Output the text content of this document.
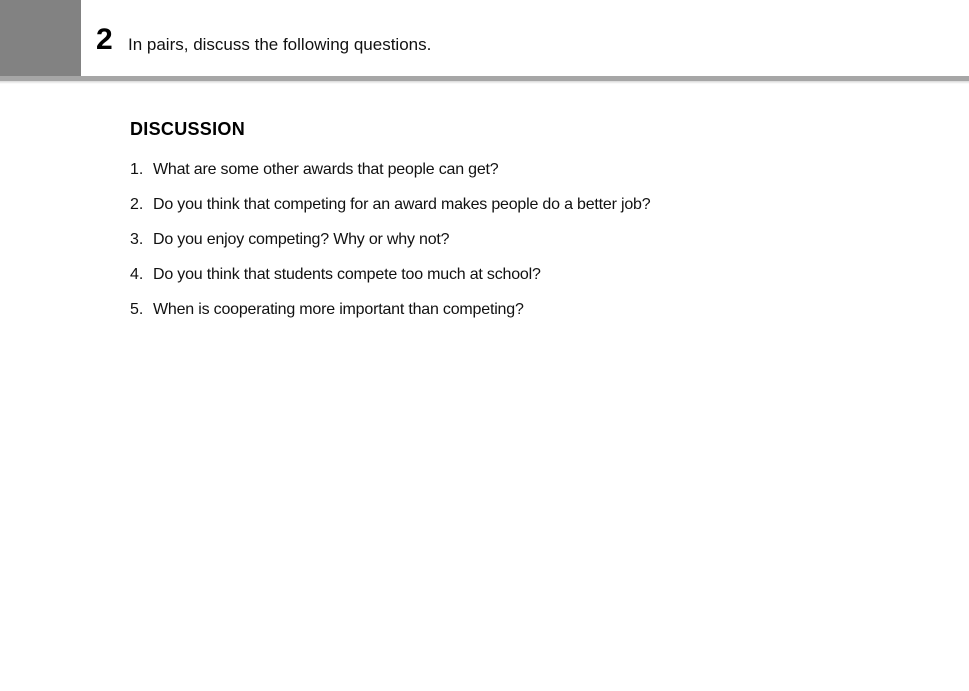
2 In pairs, discuss the following questions.
DISCUSSION
1. What are some other awards that people can get?
2. Do you think that competing for an award makes people do a better job?
3. Do you enjoy competing? Why or why not?
4. Do you think that students compete too much at school?
5. When is cooperating more important than competing?
